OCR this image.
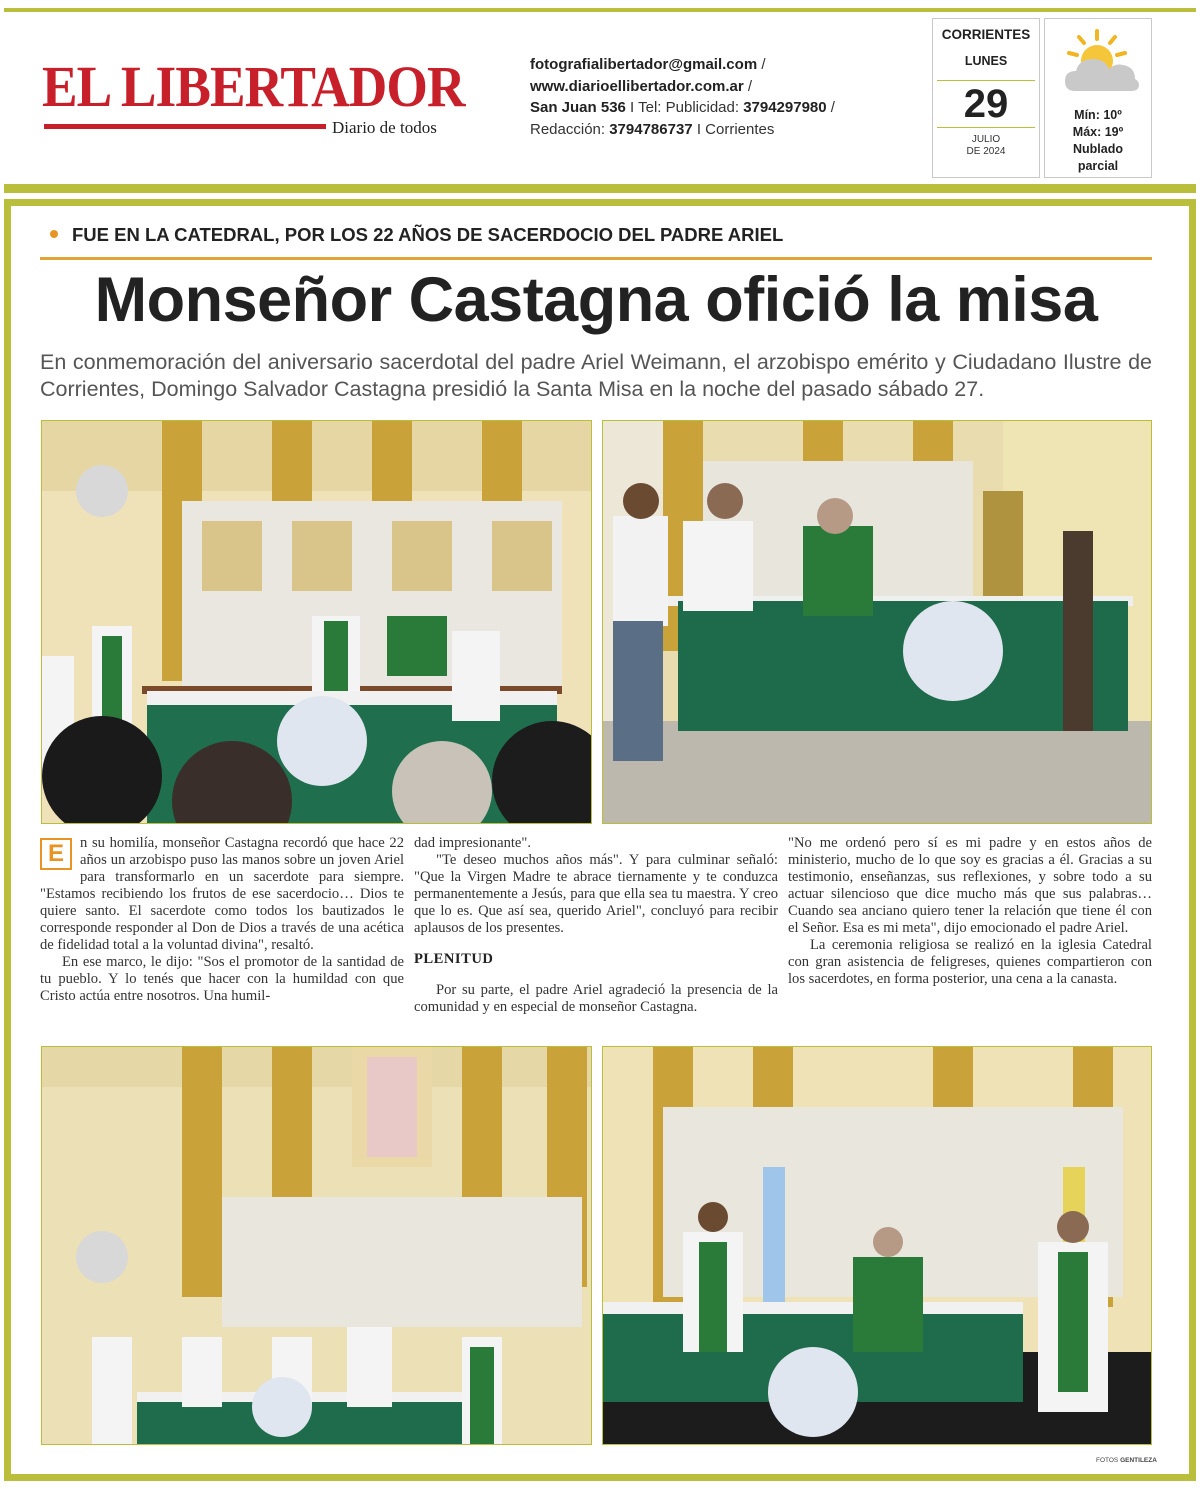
EL LIBERTADOR
Diario de todos
fotografialibertador@gmail.com /
www.diarioellibertador.com.ar /
San Juan 536 I Tel: Publicidad: 3794297980 /
Redacción: 3794786737 I Corrientes
CORRIENTES
LUNES
29
JULIO
DE 2024
Mín: 10º
Máx: 19º
Nublado
parcial
FUE EN LA CATEDRAL, POR LOS 22 AÑOS DE SACERDOCIO DEL PADRE ARIEL
Monseñor Castagna ofició la misa

En conmemoración del aniversario sacerdotal del padre Ariel Weimann, el arzobispo emérito y Ciudadano Ilustre de Corrientes, Domingo Salvador Castagna presidió la Santa Misa en la noche del pasado sábado 27.

E	n su homilía, monseñor Castagna recordó que hace 22 años un arzobispo puso las manos sobre un joven Ariel para transformarlo en un sacerdote para siempre. "Estamos recibiendo los frutos de ese sacerdocio… Dios te quiere santo. El sacerdote como todos los bautizados le corresponde responder al Don de Dios a través de una acética de fidelidad total a la voluntad divina", resaltó.

En ese marco, le dijo: "Sos el promotor de la santidad de tu pueblo. Y lo tenés que hacer con la humildad con que Cristo actúa entre nosotros. Una humil-

dad impresionante".

"Te deseo muchos años más". Y para culminar señaló: "Que la Virgen Madre te abrace tiernamente y te conduzca permanentemente a Jesús, para que ella sea tu maestra. Y creo que lo es. Que así sea, querido Ariel", concluyó para recibir aplausos de los presentes.

PLENITUD

Por su parte, el padre Ariel agradeció la presencia de la comunidad y en especial de monseñor Castagna.

"No me ordenó pero sí es mi padre y en estos años de ministerio, mucho de lo que soy es gracias a él. Gracias a su testimonio, enseñanzas, sus reflexiones, y sobre todo a su actuar silencioso que dice mucho más que sus palabras… Cuando sea anciano quiero tener la relación que tiene él con el Señor. Esa es mi meta", dijo emocionado el padre Ariel.

La ceremonia religiosa se realizó en la iglesia Catedral con gran asistencia de feligreses, quienes compartieron con los sacerdotes, en forma posterior, una cena a la canasta.

FOTOS GENTILEZA
